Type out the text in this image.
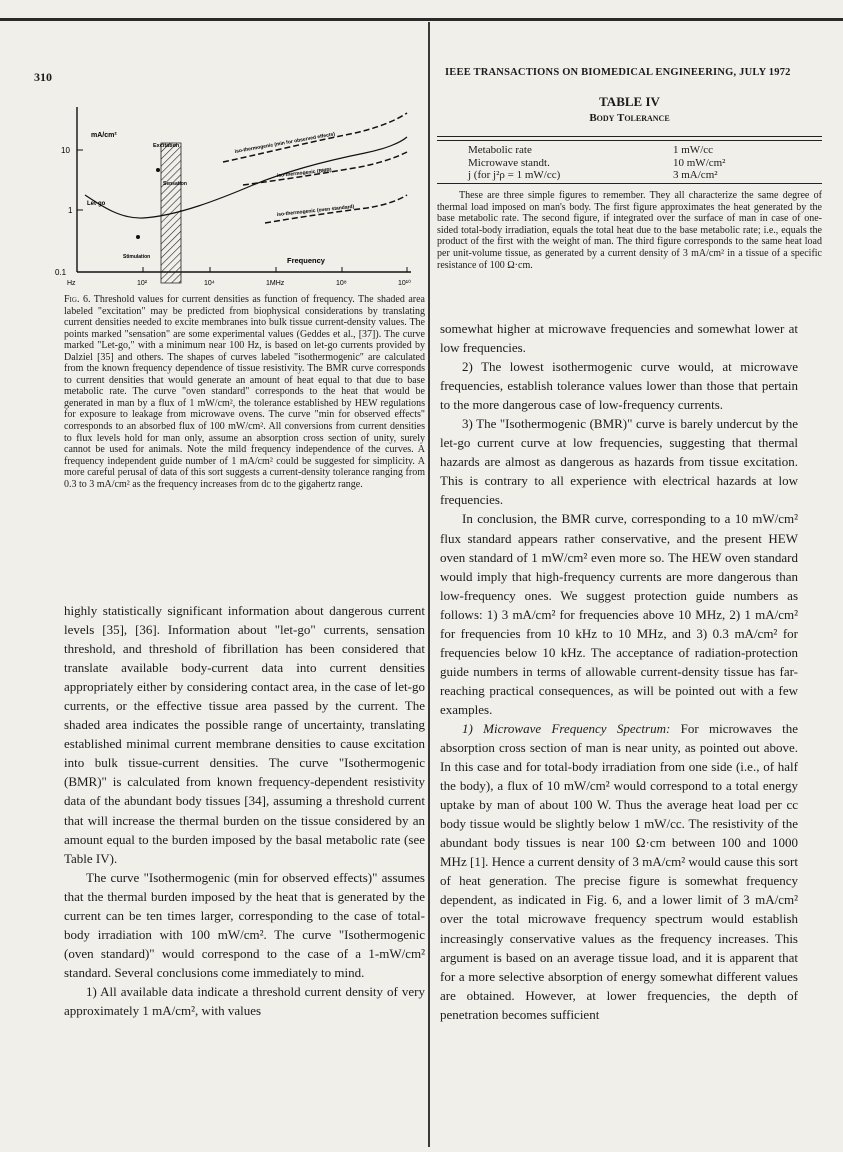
310	IEEE TRANSACTIONS ON BIOMEDICAL ENGINEERING, JULY 1972
mA/cm²
10
1
0.1
Hz	10²	10⁴	1MHz	10⁸	10¹⁰
Frequency
Excitation
Sensation
Stimulation
Let-go
iso-thermogenic (min for observed effects)
iso-thermogenic (BMR)
iso-thermogenic (oven standard)

Fig. 6. Threshold values for current densities as function of frequency. The shaded area labeled "excitation" may be predicted from biophysical considerations by translating current densities needed to excite membranes into bulk tissue current-density values. The points marked "sensation" are some experimental values (Geddes et al., [37]). The curve marked "Let-go," with a minimum near 100 Hz, is based on let-go currents provided by Dalziel [35] and others. The shapes of curves labeled "isothermogenic" are calculated from the known frequency dependence of tissue resistivity. The BMR curve corresponds to current densities that would generate an amount of heat equal to that due to base metabolic rate. The curve "oven standard" corresponds to the heat that would be generated in man by a flux of 1 mW/cm², the tolerance established by HEW regulations for exposure to leakage from microwave ovens. The curve "min for observed effects" corresponds to an absorbed flux of 100 mW/cm². All conversions from current densities to flux levels hold for man only, assume an absorption cross section of unity, surely cannot be used for animals. Note the mild frequency independence of the curves. A frequency independent guide number of 1 mA/cm² could be suggested for simplicity. A more careful perusal of data of this sort suggests a current-density tolerance ranging from 0.3 to 3 mA/cm² as the frequency increases from dc to the gigahertz range.

highly statistically significant information about dangerous current levels [35], [36]. Information about "let-go" currents, sensation threshold, and threshold of fibrillation has been considered that translate available body-current data into current densities appropriately either by considering contact area, in the case of let-go currents, or the effective tissue area passed by the current. The shaded area indicates the possible range of uncertainty, translating established minimal current membrane densities to cause excitation into bulk tissue-current densities. The curve "Isothermogenic (BMR)" is calculated from known frequency-dependent resistivity data of the abundant body tissues [34], assuming a threshold current that will increase the thermal burden on the tissue considered by an amount equal to the burden imposed by the basal metabolic rate (see Table IV).

The curve "Isothermogenic (min for observed effects)" assumes that the thermal burden imposed by the heat that is generated by the current can be ten times larger, corresponding to the case of total-body irradiation with 100 mW/cm². The curve "Isothermogenic (oven standard)" would correspond to the case of a 1-mW/cm² standard. Several conclusions come immediately to mind.

1) All available data indicate a threshold current density of very approximately 1 mA/cm², with values

TABLE IV
Body Tolerance
Metabolic rate	1 mW/cc
Microwave standt.	10 mW/cm²
j (for j²ρ = 1 mW/cc)	3 mA/cm²

These are three simple figures to remember. They all characterize the same degree of thermal load imposed on man's body. The first figure approximates the heat generated by the base metabolic rate. The second figure, if integrated over the surface of man in case of one-sided total-body irradiation, equals the total heat due to the base metabolic rate; i.e., equals the product of the first with the weight of man. The third figure corresponds to the same heat load per unit-volume tissue, as generated by a current density of 3 mA/cm² in a tissue of a specific resistance of 100 Ω·cm.

somewhat higher at microwave frequencies and somewhat lower at low frequencies.

2) The lowest isothermogenic curve would, at microwave frequencies, establish tolerance values lower than those that pertain to the more dangerous case of low-frequency currents.

3) The "Isothermogenic (BMR)" curve is barely undercut by the let-go current curve at low frequencies, suggesting that thermal hazards are almost as dangerous as hazards from tissue excitation. This is contrary to all experience with electrical hazards at low frequencies.

In conclusion, the BMR curve, corresponding to a 10 mW/cm² flux standard appears rather conservative, and the present HEW oven standard of 1 mW/cm² even more so. The HEW oven standard would imply that high-frequency currents are more dangerous than low-frequency ones. We suggest protection guide numbers as follows: 1) 3 mA/cm² for frequencies above 10 MHz, 2) 1 mA/cm² for frequencies from 10 kHz to 10 MHz, and 3) 0.3 mA/cm² for frequencies below 10 kHz. The acceptance of radiation-protection guide numbers in terms of allowable current-density tissue has far-reaching practical consequences, as will be pointed out with a few examples.

1) Microwave Frequency Spectrum: For microwaves the absorption cross section of man is near unity, as pointed out above. In this case and for total-body irradiation from one side (i.e., of half the body), a flux of 10 mW/cm² would correspond to a total energy uptake by man of about 100 W. Thus the average heat load per cc body tissue would be slightly below 1 mW/cc. The resistivity of the abundant body tissues is near 100 Ω·cm between 100 and 1000 MHz [1]. Hence a current density of 3 mA/cm² would cause this sort of heat generation. The precise figure is somewhat frequency dependent, as indicated in Fig. 6, and a lower limit of 3 mA/cm² over the total microwave frequency spectrum would establish increasingly conservative values as the frequency increases. This argument is based on an average tissue load, and it is apparent that for a more selective absorption of energy somewhat different values are obtained. However, at lower frequencies, the depth of penetration becomes sufficient
